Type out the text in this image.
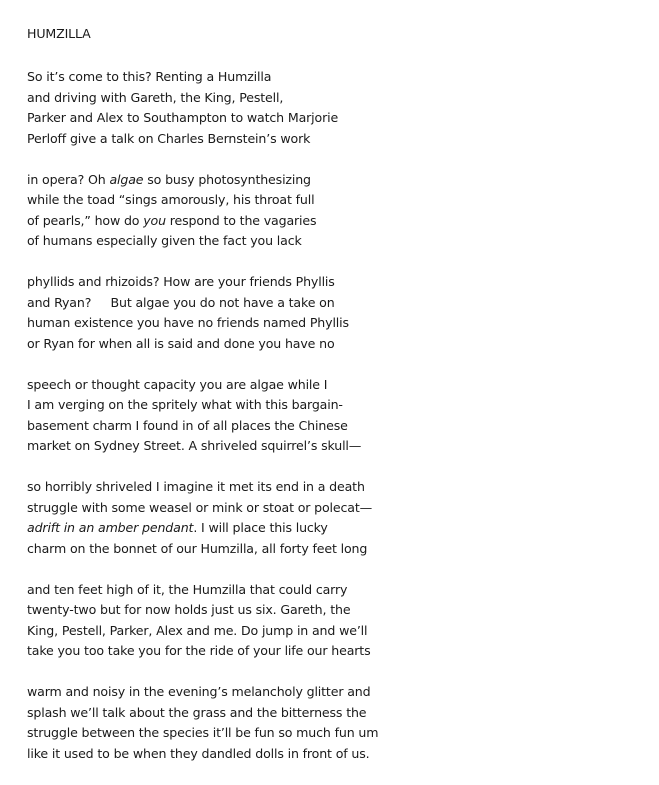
HUMZILLA
So it’s come to this? Renting a Humzilla
and driving with Gareth, the King, Pestell,
Parker and Alex to Southampton to watch Marjorie
Perloff give a talk on Charles Bernstein’s work
in opera? Oh algae so busy photosynthesizing
while the toad “sings amorously, his throat full
of pearls,” how do you respond to the vagaries
of humans especially given the fact you lack
phyllids and rhizoids? How are your friends Phyllis
and Ryan?     But algae you do not have a take on
human existence you have no friends named Phyllis
or Ryan for when all is said and done you have no
speech or thought capacity you are algae while I
I am verging on the spritely what with this bargain-
basement charm I found in of all places the Chinese
market on Sydney Street. A shriveled squirrel’s skull—
so horribly shriveled I imagine it met its end in a death
struggle with some weasel or mink or stoat or polecat—
adrift in an amber pendant. I will place this lucky
charm on the bonnet of our Humzilla, all forty feet long
and ten feet high of it, the Humzilla that could carry
twenty-two but for now holds just us six. Gareth, the
King, Pestell, Parker, Alex and me. Do jump in and we’ll
take you too take you for the ride of your life our hearts
warm and noisy in the evening’s melancholy glitter and
splash we’ll talk about the grass and the bitterness the
struggle between the species it’ll be fun so much fun um
like it used to be when they dandled dolls in front of us.
